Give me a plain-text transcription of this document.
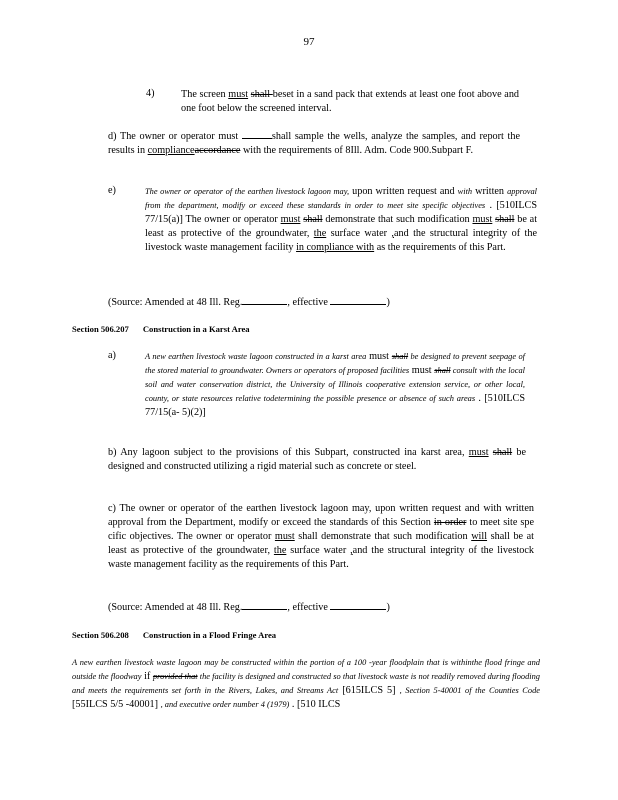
97
4)	The screen must shall beset in a sand pack that extends at least one foot above and one foot below the screened interval.
d) The owner or operator must	shall sample the wells, analyze the samples, and report the results in complianceaccordance with the requirements of 8Ill. Adm. Code 900.Subpart F.
e)	The owner or operator of the earthen livestock lagoon may, upon written request and with written approval from the department, modify or exceed these standards in order to meet site specific objectives . [510ILCS 77/15(a)] The owner or operator must shall demonstrate that such modification must shall be at least as protective of the groundwater, the surface water ,and the structural integrity of the livestock waste management facility in compliance with as the requirements of this Part.
(Source: Amended at 48 Ill. Reg.	, effective	)
Section 506.207 Construction in a Karst Area
a)	A new earthen livestock waste lagoon constructed in a karst area must shall be designed to prevent seepage of the stored material to groundwater. Owners or operators of proposed facilities must shall consult with the local soil and water conservation district, the University of Illinois cooperative extension service, or other local, county, or state resources relative todetermining the possible presence or absence of such areas . [510ILCS 77/15(a- 5)(2)]
b) Any lagoon subject to the provisions of this Subpart, constructed ina karst area, must shall be designed and constructed utilizing a rigid material such as concrete or steel.
c) The owner or operator of the earthen livestock lagoon may, upon written request and with written approval from the Department, modify or exceed the standards of this Section in order to meet site spe cific objectives. The owner or operator must shall demonstrate that such modification will shall be at least as protective of the groundwater, the surface water ,and the structural integrity of the livestock waste management facility as the requirements of this Part.
(Source: Amended at 48 Ill. Reg.	, effective	)
Section 506.208 Construction in a Flood Fringe Area
A new earthen livestock waste lagoon may be constructed within the portion of a 100 -year floodplain that is withinthe flood fringe and outside the floodway if provided that the facility is designed and constructed so that livestock waste is not readily removed during flooding and meets the requirements set forth in the Rivers, Lakes, and Streams Act [615ILCS 5] , Section 5-40001 of the Counties Code [55ILCS 5/5 -40001] , and executive order number 4 (1979) . [510 ILCS
